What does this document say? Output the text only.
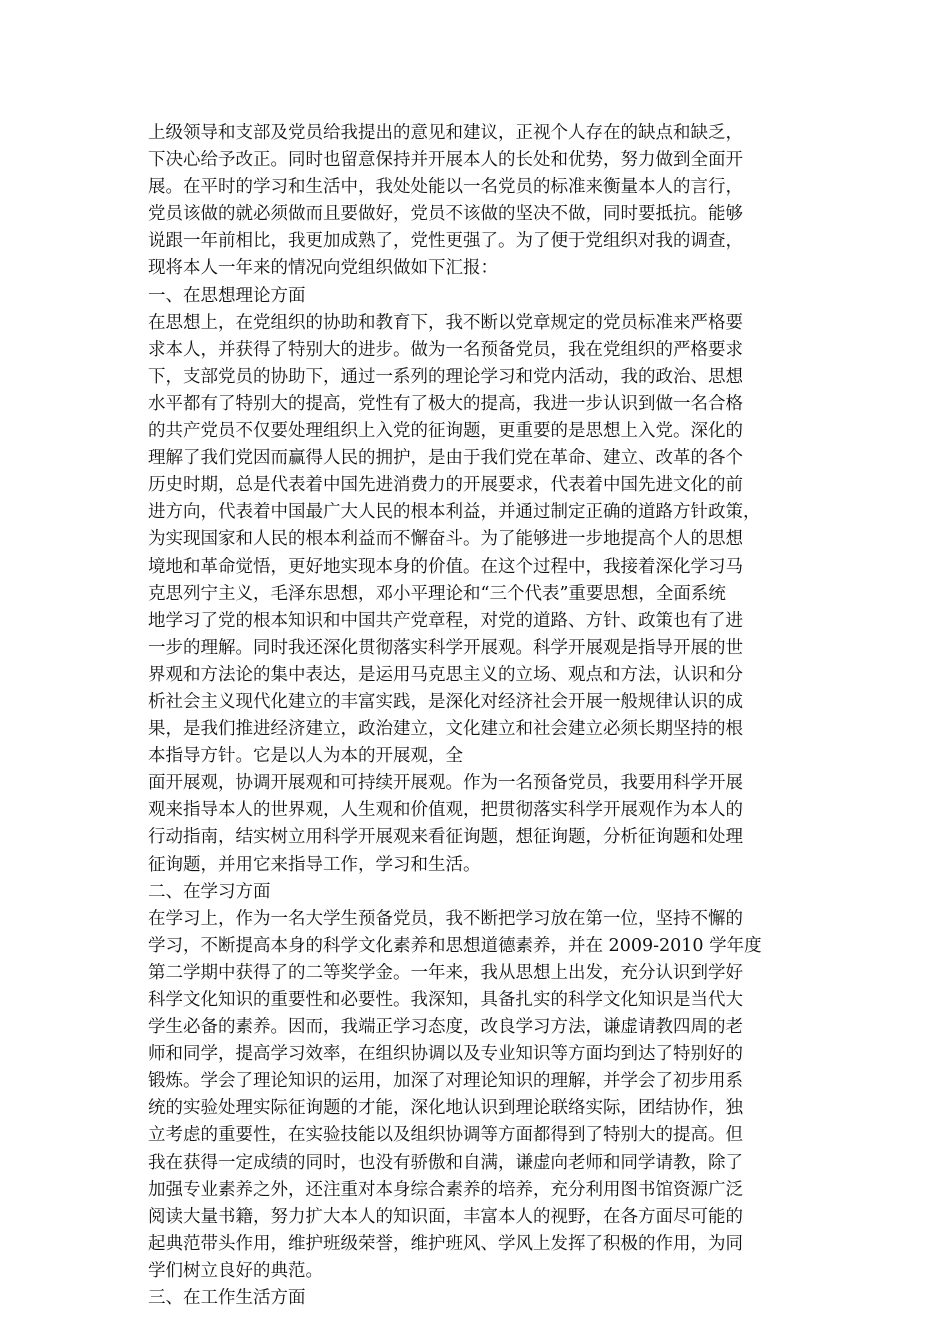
上级领导和支部及党员给我提出的意见和建议，正视个人存在的缺点和缺乏，
下决心给予改正。同时也留意保持并开展本人的长处和优势，努力做到全面开
展。在平时的学习和生活中，我处处能以一名党员的标准来衡量本人的言行，
党员该做的就必须做而且要做好，党员不该做的坚决不做，同时要抵抗。能够
说跟一年前相比，我更加成熟了，党性更强了。为了便于党组织对我的调查，
现将本人一年来的情况向党组织做如下汇报：
一、在思想理论方面
在思想上，在党组织的协助和教育下，我不断以党章规定的党员标准来严格要
求本人，并获得了特别大的进步。做为一名预备党员，我在党组织的严格要求
下，支部党员的协助下，通过一系列的理论学习和党内活动，我的政治、思想
水平都有了特别大的提高，党性有了极大的提高，我进一步认识到做一名合格
的共产党员不仅要处理组织上入党的征询题，更重要的是思想上入党。深化的
理解了我们党因而赢得人民的拥护，是由于我们党在革命、建立、改革的各个
历史时期，总是代表着中国先进消费力的开展要求，代表着中国先进文化的前
进方向，代表着中国最广大人民的根本利益，并通过制定正确的道路方针政策，
为实现国家和人民的根本利益而不懈奋斗。为了能够进一步地提高个人的思想
境地和革命觉悟，更好地实现本身的价值。在这个过程中，我接着深化学习马
克思列宁主义，毛泽东思想，邓小平理论和“三个代表”重要思想，全面系统
地学习了党的根本知识和中国共产党章程，对党的道路、方针、政策也有了进
一步的理解。同时我还深化贯彻落实科学开展观。科学开展观是指导开展的世
界观和方法论的集中表达，是运用马克思主义的立场、观点和方法，认识和分
析社会主义现代化建立的丰富实践，是深化对经济社会开展一般规律认识的成
果，是我们推进经济建立，政治建立，文化建立和社会建立必须长期坚持的根
本指导方针。它是以人为本的开展观，全
面开展观，协调开展观和可持续开展观。作为一名预备党员，我要用科学开展
观来指导本人的世界观，人生观和价值观，把贯彻落实科学开展观作为本人的
行动指南，结实树立用科学开展观来看征询题，想征询题，分析征询题和处理
征询题，并用它来指导工作，学习和生活。
二、在学习方面
在学习上，作为一名大学生预备党员，我不断把学习放在第一位，坚持不懈的
学习，不断提高本身的科学文化素养和思想道德素养，并在 2009-2010 学年度
第二学期中获得了的二等奖学金。一年来，我从思想上出发，充分认识到学好
科学文化知识的重要性和必要性。我深知，具备扎实的科学文化知识是当代大
学生必备的素养。因而，我端正学习态度，改良学习方法，谦虚请教四周的老
师和同学，提高学习效率，在组织协调以及专业知识等方面均到达了特别好的
锻炼。学会了理论知识的运用，加深了对理论知识的理解，并学会了初步用系
统的实验处理实际征询题的才能，深化地认识到理论联络实际，团结协作，独
立考虑的重要性，在实验技能以及组织协调等方面都得到了特别大的提高。但
我在获得一定成绩的同时，也没有骄傲和自满，谦虚向老师和同学请教，除了
加强专业素养之外，还注重对本身综合素养的培养，充分利用图书馆资源广泛
阅读大量书籍，努力扩大本人的知识面，丰富本人的视野，在各方面尽可能的
起典范带头作用，维护班级荣誉，维护班风、学风上发挥了积极的作用，为同
学们树立良好的典范。
三、在工作生活方面
